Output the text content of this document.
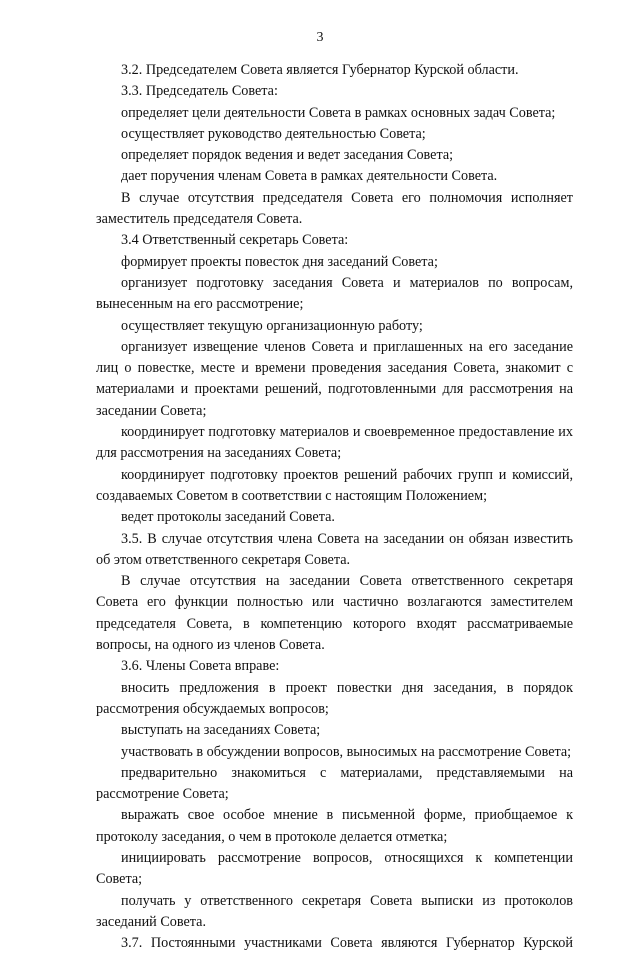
3

3.2. Председателем Совета является Губернатор Курской области.

3.3. Председатель Совета:

определяет цели деятельности Совета в рамках основных задач Совета;

осуществляет руководство деятельностью Совета;

определяет порядок ведения и ведет заседания Совета;

дает поручения членам Совета в рамках деятельности Совета.

В случае отсутствия председателя Совета его полномочия исполняет заместитель председателя Совета.

3.4 Ответственный секретарь Совета:

формирует проекты повесток дня заседаний Совета;

организует подготовку заседания Совета и материалов по вопросам, вынесенным на его рассмотрение;

осуществляет текущую организационную работу;

организует извещение членов Совета и приглашенных на его заседание лиц о повестке, месте и времени проведения заседания Совета, знакомит с материалами и проектами решений, подготовленными для рассмотрения на заседании Совета;

координирует подготовку материалов и своевременное предоставление их для рассмотрения на заседаниях Совета;

координирует подготовку проектов решений рабочих групп и комиссий, создаваемых Советом в соответствии с настоящим Положением;

ведет протоколы заседаний Совета.

3.5. В случае отсутствия члена Совета на заседании он обязан известить об этом ответственного секретаря Совета.

В случае отсутствия на заседании Совета ответственного секретаря Совета его функции полностью или частично возлагаются заместителем председателя Совета, в компетенцию которого входят рассматриваемые вопросы, на одного из членов Совета.

3.6. Члены Совета вправе:

вносить предложения в проект повестки дня заседания, в порядок рассмотрения обсуждаемых вопросов;

выступать на заседаниях Совета;

участвовать в обсуждении вопросов, выносимых на рассмотрение Совета;

предварительно знакомиться с материалами, представляемыми на рассмотрение Совета;

выражать свое особое мнение в письменной форме, приобщаемое к протоколу заседания, о чем в протоколе делается отметка;

инициировать рассмотрение вопросов, относящихся к компетенции Совета;

получать у ответственного секретаря Совета выписки из протоколов заседаний Совета.

3.7. Постоянными участниками Совета являются Губернатор Курской
